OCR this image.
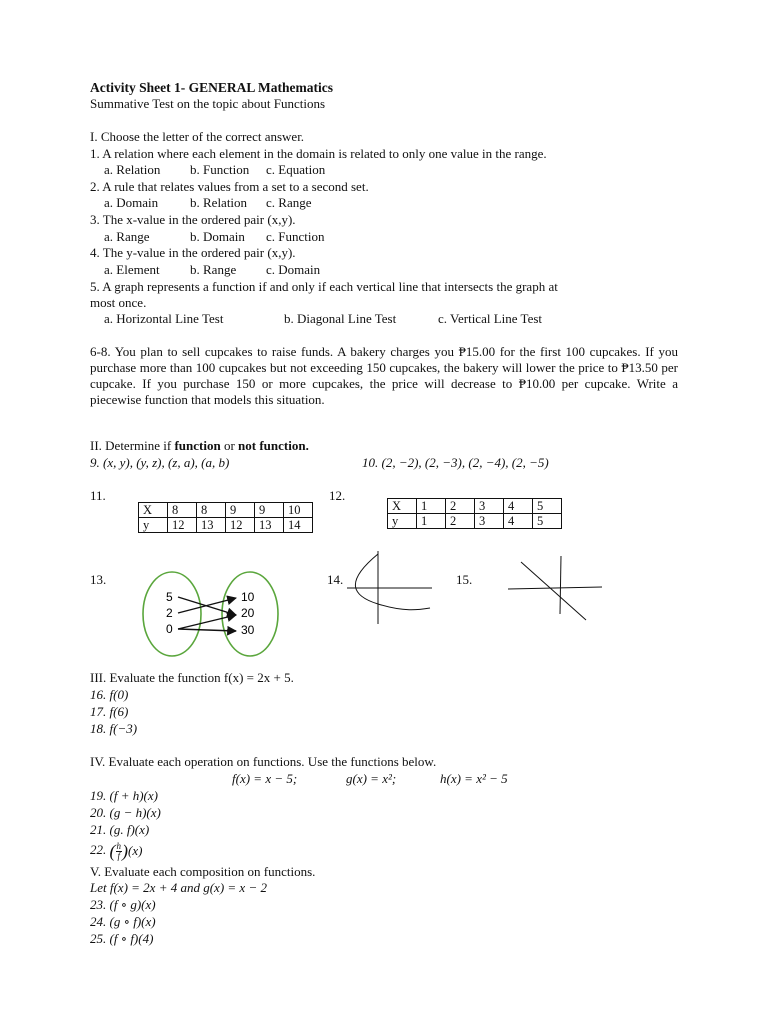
Activity Sheet 1- GENERAL Mathematics
Summative Test on the topic about Functions
I. Choose the letter of the correct answer.
1. A relation where each element in the domain is related to only one value in the range.
a. Relation b. Function c. Equation
2. A rule that relates values from a set to a second set.
a. Domain b. Relation c. Range
3. The x-value in the ordered pair (x,y).
a. Range	b. Domain c. Function
4. The y-value in the ordered pair (x,y).
a. Element b. Range c. Domain
5. A graph represents a function if and only if each vertical line that intersects the graph at
most once.
a. Horizontal Line Test	b. Diagonal Line Test	c. Vertical Line Test
6-8. You plan to sell cupcakes to raise funds. A bakery charges you ₱15.00 for the first 100 cupcakes. If you purchase more than 100 cupcakes but not exceeding 150 cupcakes, the bakery will lower the price to ₱13.50 per cupcake. If you purchase 150 or more cupcakes, the price will decrease to ₱10.00 per cupcake. Write a piecewise function that models this situation.
II. Determine if function or not function.
9. (x, y), (y, z), (z, a), (a, b)	10. (2, −2), (2, −3), (2, −4), (2, −5)
11.
X	8	8	9	9	10
y	12	13	12	13	14
12.
X	1	2	3	4	5
y	1	2	3	4	5
13.
5
2
0
10
20
30
14.	15.
III. Evaluate the function f(x) = 2x + 5.
16. f(0)
17. f(6)
18. f(−3)
IV. Evaluate each operation on functions. Use the functions below.
f(x) = x − 5;	g(x) = x²;	h(x) = x² − 5
19. (f + h)(x)
20. (g − h)(x)
21. (g. f)(x)
22. ( $\frac{h}{f} )(x)$
V. Evaluate each composition on functions.
Let f(x) = 2x + 4 and g(x) = x − 2
23. (f ∘ g)(x)
24. (g ∘ f)(x)
25. (f ∘ f)(4)
